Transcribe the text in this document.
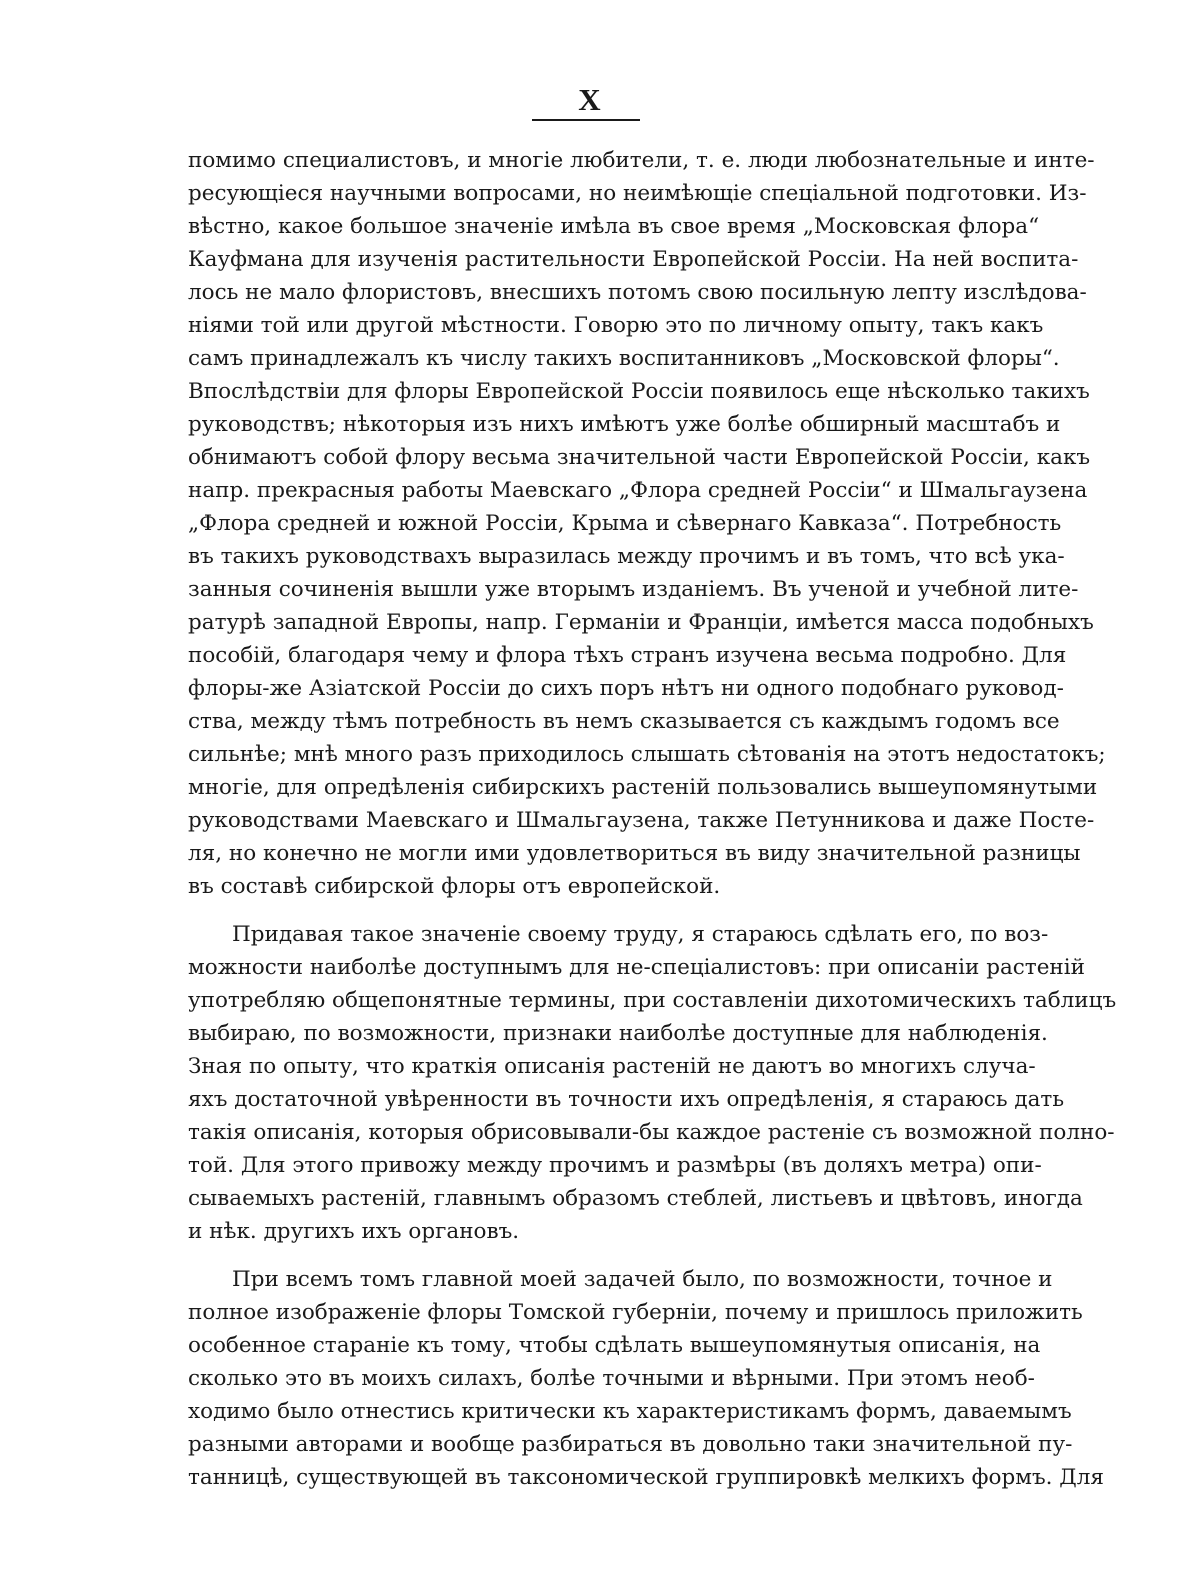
X
помимо специалистовъ, и многіе любители, т. е. люди любознательные и инте-
ресующіеся научными вопросами, но неимѣющіе спеціальной подготовки. Из-
вѣстно, какое большое значеніе имѣла въ свое время „Московская флора“
Кауфмана для изученія растительности Европейской Россіи. На ней воспита-
лось не мало флористовъ, внесшихъ потомъ свою посильную лепту изслѣдова-
ніями той или другой мѣстности. Говорю это по личному опыту, такъ какъ
самъ принадлежалъ къ числу такихъ воспитанниковъ „Московской флоры“.
Впослѣдствіи для флоры Европейской Россіи появилось еще нѣсколько такихъ
руководствъ; нѣкоторыя изъ нихъ имѣютъ уже болѣе обширный масштабъ и
обнимаютъ собой флору весьма значительной части Европейской Россіи, какъ
напр. прекрасныя работы Маевскаго „Флора средней Россіи“ и Шмальгаузена
„Флора средней и южной Россіи, Крыма и сѣвернаго Кавказа“. Потребность
въ такихъ руководствахъ выразилась между прочимъ и въ томъ, что всѣ ука-
занныя сочиненія вышли уже вторымъ изданіемъ. Въ ученой и учебной лите-
ратурѣ западной Европы, напр. Германіи и Франціи, имѣется масса подобныхъ
пособій, благодаря чему и флора тѣхъ странъ изучена весьма подробно. Для
флоры-же Азіатской Россіи до сихъ поръ нѣтъ ни одного подобнаго руковод-
ства, между тѣмъ потребность въ немъ сказывается съ каждымъ годомъ все
сильнѣе; мнѣ много разъ приходилось слышать сѣтованія на этотъ недостатокъ;
многіе, для опредѣленія сибирскихъ растеній пользовались вышеупомянутыми
руководствами Маевскаго и Шмальгаузена, также Петунникова и даже Посте-
ля, но конечно не могли ими удовлетвориться въ виду значительной разницы
въ составѣ сибирской флоры отъ европейской.
Придавая такое значеніе своему труду, я стараюсь сдѣлать его, по воз-
можности наиболѣе доступнымъ для не-спеціалистовъ: при описаніи растеній
употребляю общепонятные термины, при составленіи дихотомическихъ таблицъ
выбираю, по возможности, признаки наиболѣе доступные для наблюденія.
Зная по опыту, что краткія описанія растеній не даютъ во многихъ случа-
яхъ достаточной увѣренности въ точности ихъ опредѣленія, я стараюсь дать
такія описанія, которыя обрисовывали-бы каждое растеніе съ возможной полно-
той. Для этого привожу между прочимъ и размѣры (въ доляхъ метра) опи-
сываемыхъ растеній, главнымъ образомъ стеблей, листьевъ и цвѣтовъ, иногда
и нѣк. другихъ ихъ органовъ.
При всемъ томъ главной моей задачей было, по возможности, точное и
полное изображеніе флоры Томской губерніи, почему и пришлось приложить
особенное стараніе къ тому, чтобы сдѣлать вышеупомянутыя описанія, на
сколько это въ моихъ силахъ, болѣе точными и вѣрными. При этомъ необ-
ходимо было отнестись критически къ характеристикамъ формъ, даваемымъ
разными авторами и вообще разбираться въ довольно таки значительной пу-
танницѣ, существующей въ таксономической группировкѣ мелкихъ формъ. Для
